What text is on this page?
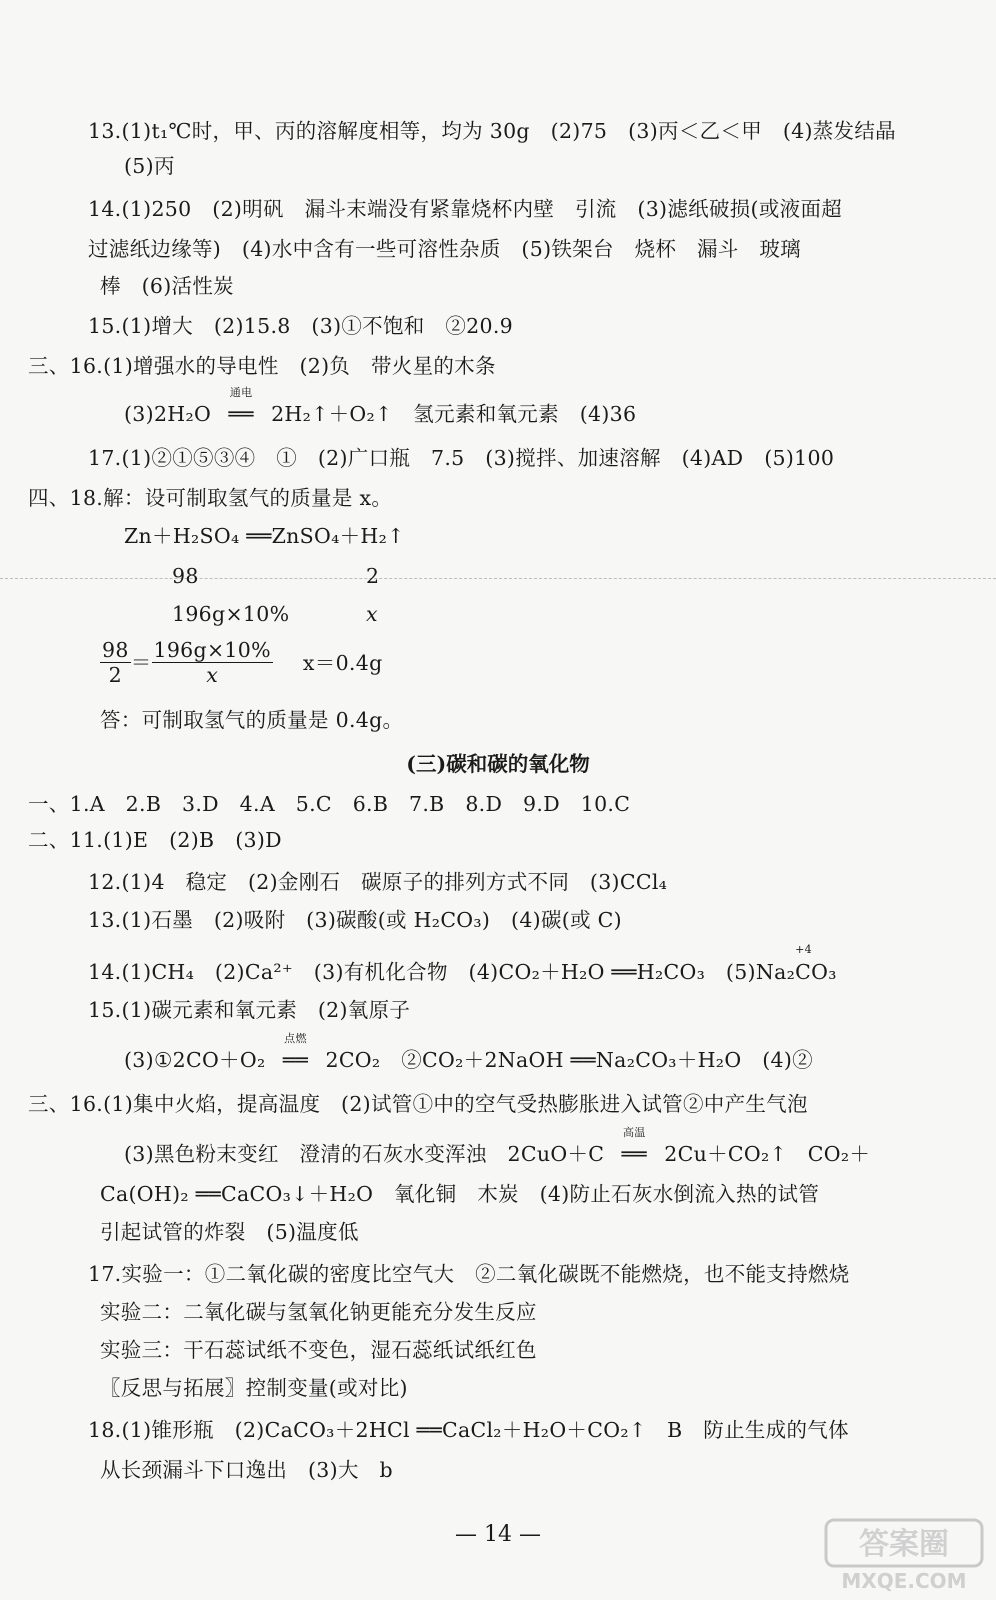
13.(1)t₁℃时，甲、丙的溶解度相等，均为 30g　(2)75　(3)丙＜乙＜甲　(4)蒸发结晶
(5)丙
14.(1)250　(2)明矾　漏斗末端没有紧靠烧杯内壁　引流　(3)滤纸破损(或液面超
过滤纸边缘等)　(4)水中含有一些可溶性杂质　(5)铁架台　烧杯　漏斗　玻璃
棒　(6)活性炭
15.(1)增大　(2)15.8　(3)①不饱和　②20.9
三、16.(1)增强水的导电性　(2)负　带火星的木条
(3)2H₂O
通电
══ 2H₂↑＋O₂↑　氢元素和氧元素　(4)36
17.(1)②①⑤③④　①　(2)广口瓶　7.5　(3)搅拌、加速溶解　(4)AD　(5)100
四、18.解：设可制取氢气的质量是 x。
Zn＋H₂SO₄ ══ZnSO₄＋H₂↑
98	2
196g×10%	x
$\frac{98}{2} = \frac{196g\times 10\%}{x} x=0.4g$
答：可制取氢气的质量是 0.4g。
(三)碳和碳的氧化物
一、1.A　2.B　3.D　4.A　5.C　6.B　7.B　8.D　9.D　10.C
二、11.(1)E　(2)B　(3)D
12.(1)4　稳定　(2)金刚石　碳原子的排列方式不同　(3)CCl₄
13.(1)石墨　(2)吸附　(3)碳酸(或 H₂CO₃)　(4)碳(或 C)
14.(1)CH₄　(2)Ca²⁺　(3)有机化合物　(4)CO₂＋H₂O ══H₂CO₃　(5)Na₂
+4
CO₃
15.(1)碳元素和氧元素　(2)氧原子
(3)①2CO＋O₂
点燃
══ 2CO₂　②CO₂＋2NaOH ══Na₂CO₃＋H₂O　(4)②
三、16.(1)集中火焰，提高温度　(2)试管①中的空气受热膨胀进入试管②中产生气泡
(3)黑色粉末变红　澄清的石灰水变浑浊　2CuO＋C
高温
══ 2Cu＋CO₂↑　CO₂＋
Ca(OH)₂ ══CaCO₃↓＋H₂O　氧化铜　木炭　(4)防止石灰水倒流入热的试管
引起试管的炸裂　(5)温度低
17.实验一：①二氧化碳的密度比空气大　②二氧化碳既不能燃烧，也不能支持燃烧
实验二：二氧化碳与氢氧化钠更能充分发生反应
实验三：干石蕊试纸不变色，湿石蕊纸试纸红色
〖反思与拓展〗控制变量(或对比)
18.(1)锥形瓶　(2)CaCO₃＋2HCl ══CaCl₂＋H₂O＋CO₂↑　B　防止生成的气体
从长颈漏斗下口逸出　(3)大　b
— 14 —	答案圈
MXQE.COM
